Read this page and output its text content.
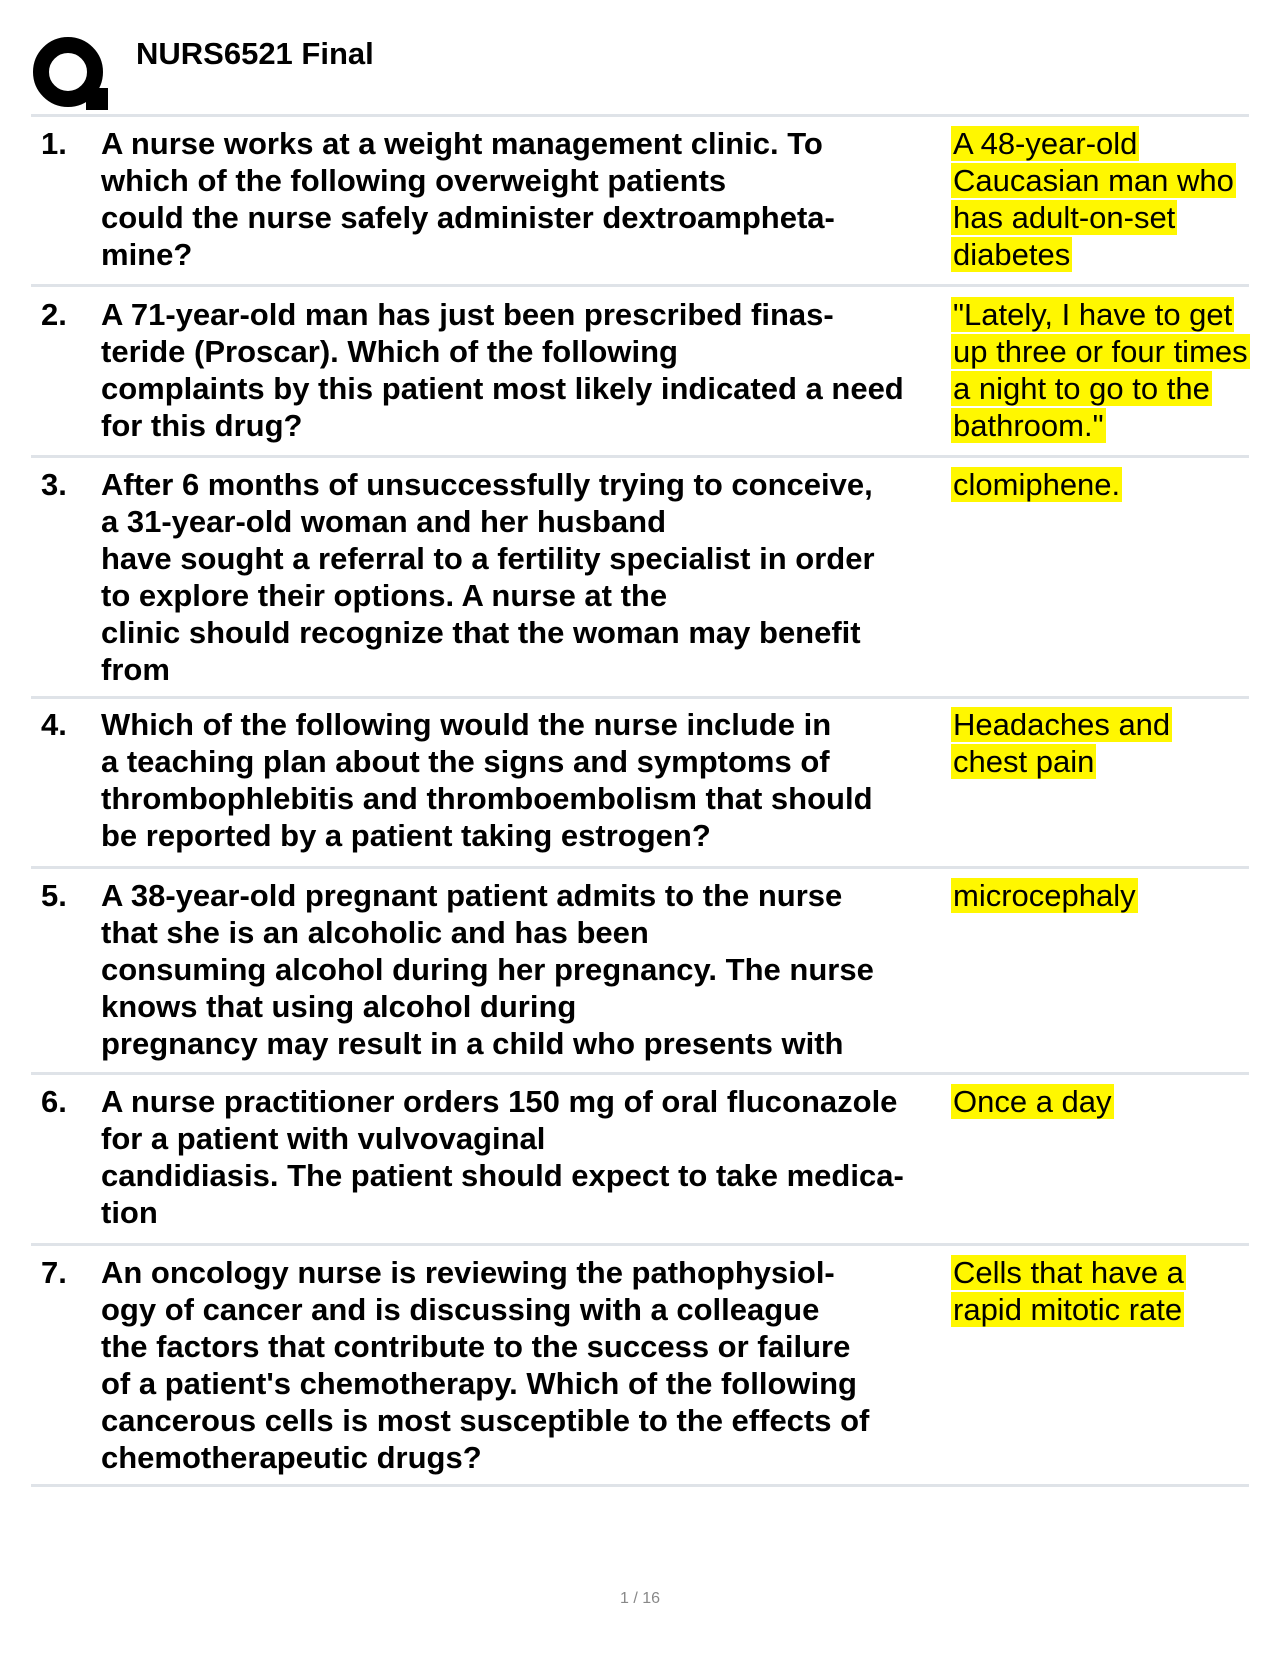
NURS6521 Final
1. A nurse works at a weight management clinic. To
which of the following overweight patients
could the nurse safely administer dextroampheta-
mine?
A 48-year-old Caucasian man who has adult-on-set diabetes
2. A 71-year-old man has just been prescribed finas-
teride (Proscar). Which of the following
complaints by this patient most likely indicated a need
for this drug?
"Lately, I have to get up three or four times a night to go to the bathroom."
3. After 6 months of unsuccessfully trying to conceive,
a 31-year-old woman and her husband
have sought a referral to a fertility specialist in order
to explore their options. A nurse at the
clinic should recognize that the woman may benefit
from
clomiphene.
4. Which of the following would the nurse include in
a teaching plan about the signs and symptoms of
thrombophlebitis and thromboembolism that should
be reported by a patient taking estrogen?
Headaches and chest pain
5. A 38-year-old pregnant patient admits to the nurse
that she is an alcoholic and has been
consuming alcohol during her pregnancy. The nurse
knows that using alcohol during
pregnancy may result in a child who presents with
microcephaly
6. A nurse practitioner orders 150 mg of oral fluconazole
for a patient with vulvovaginal
candidiasis. The patient should expect to take medica-
tion
Once a day
7. An oncology nurse is reviewing the pathophysiol-
ogy of cancer and is discussing with a colleague
the factors that contribute to the success or failure
of a patient's chemotherapy. Which of the following
cancerous cells is most susceptible to the effects of
chemotherapeutic drugs?
Cells that have a rapid mitotic rate
1 / 16
